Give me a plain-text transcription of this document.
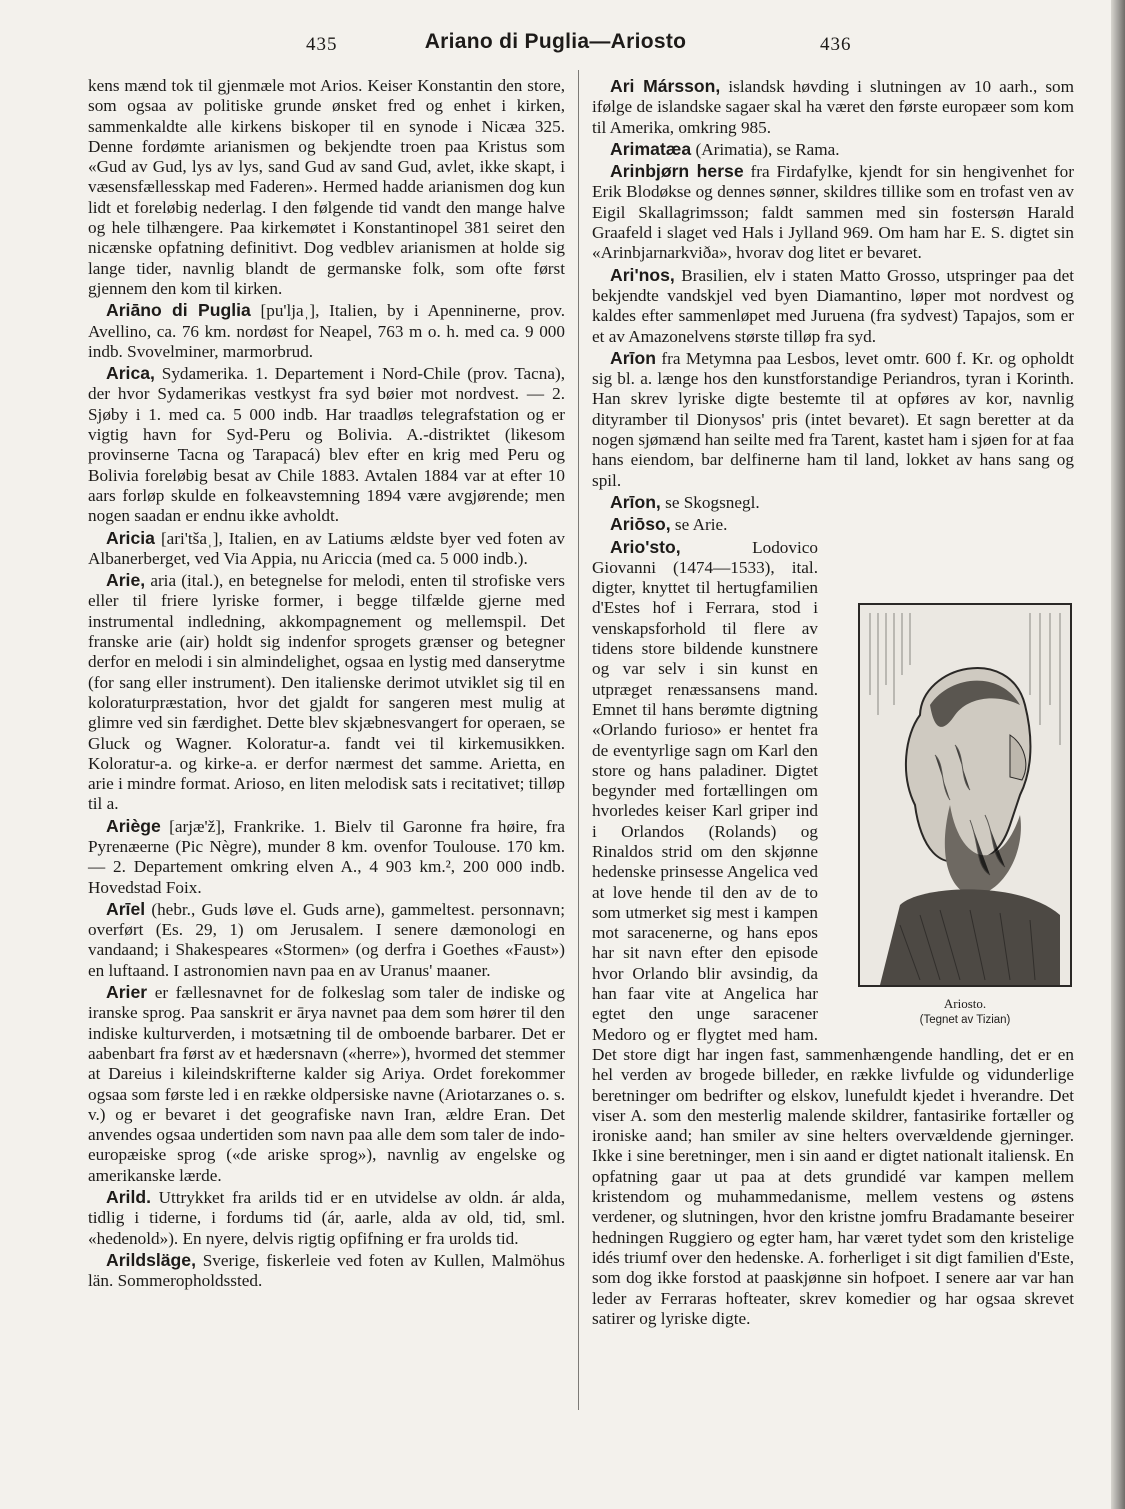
435	Ariano di Puglia—Ariosto	436

kens mænd tok til gjenmæle mot Arios. Keiser Konstantin den store, som ogsaa av politiske grunde ønsket fred og enhet i kirken, sammenkaldte alle kirkens biskoper til en synode i Nicæa 325. Denne fordømte arianismen og bekjendte troen paa Kristus som «Gud av Gud, lys av lys, sand Gud av sand Gud, avlet, ikke skapt, i væsensfællesskap med Faderen». Hermed hadde arianismen dog kun lidt et foreløbig nederlag. I den følgende tid vandt den mange halve og hele tilhængere. Paa kirkemøtet i Konstantinopel 381 seiret den nicænske opfatning definitivt. Dog vedblev arianismen at holde sig lange tider, navnlig blandt de germanske folk, som ofte først gjennem den kom til kirken.

Ariāno di Puglia [pu'ljaˌ], Italien, by i Apenninerne, prov. Avellino, ca. 76 km. nordøst for Neapel, 763 m o. h. med ca. 9 000 indb. Svovelminer, marmorbrud.

Arica, Sydamerika. 1. Departement i Nord-Chile (prov. Tacna), der hvor Sydamerikas vestkyst fra syd bøier mot nordvest. — 2. Sjøby i 1. med ca. 5 000 indb. Har traadløs telegrafstation og er vigtig havn for Syd-Peru og Bolivia. A.-distriktet (likesom provinserne Tacna og Tarapacá) blev efter en krig med Peru og Bolivia foreløbig besat av Chile 1883. Avtalen 1884 var at efter 10 aars forløp skulde en folkeavstemning 1894 være avgjørende; men nogen saadan er endnu ikke avholdt.

Aricia [ari'tšaˌ], Italien, en av Latiums ældste byer ved foten av Albanerberget, ved Via Appia, nu Ariccia (med ca. 5 000 indb.).

Arie, aria (ital.), en betegnelse for melodi, enten til strofiske vers eller til friere lyriske former, i begge tilfælde gjerne med instrumental indledning, akkompagnement og mellemspil. Det franske arie (air) holdt sig indenfor sprogets grænser og betegner derfor en melodi i sin almindelighet, ogsaa en lystig med danserytme (for sang eller instrument). Den italienske derimot utviklet sig til en koloraturpræstation, hvor det gjaldt for sangeren mest mulig at glimre ved sin færdighet. Dette blev skjæbnesvangert for operaen, se Gluck og Wagner. Koloratur-a. fandt vei til kirkemusikken. Koloratur-a. og kirke-a. er derfor nærmest det samme. Arietta, en arie i mindre format. Arioso, en liten melodisk sats i recitativet; tilløp til a.

Ariège [arjæ'ž], Frankrike. 1. Bielv til Garonne fra høire, fra Pyrenæerne (Pic Nègre), munder 8 km. ovenfor Toulouse. 170 km. — 2. Departement omkring elven A., 4 903 km.², 200 000 indb. Hovedstad Foix.

Arīel (hebr., Guds løve el. Guds arne), gammeltest. personnavn; overført (Es. 29, 1) om Jerusalem. I senere dæmonologi en vandaand; i Shakespeares «Stormen» (og derfra i Goethes «Faust») en luftaand. I astronomien navn paa en av Uranus' maaner.

Arier er fællesnavnet for de folkeslag som taler de indiske og iranske sprog. Paa sanskrit er ārya navnet paa dem som hører til den indiske kulturverden, i motsætning til de omboende barbarer. Det er aabenbart fra først av et hædersnavn («herre»), hvormed det stemmer at Dareius i kileindskrifterne kalder sig Ariya. Ordet forekommer ogsaa som første led i en række oldpersiske navne (Ariotarzanes o. s. v.) og er bevaret i det geografiske navn Iran, ældre Eran. Det anvendes ogsaa undertiden som navn paa alle dem som taler de indo-europæiske sprog («de ariske sprog»), navnlig av engelske og amerikanske lærde.

Arild. Uttrykket fra arilds tid er en utvidelse av oldn. ár alda, tidlig i tiderne, i fordums tid (ár, aarle, alda av old, tid, sml. «hedenold»). En nyere, delvis rigtig opfifning er fra urolds tid.

Arildsläge, Sverige, fiskerleie ved foten av Kullen, Malmöhus län. Sommeropholdssted.

Ari Mársson, islandsk høvding i slutningen av 10 aarh., som ifølge de islandske sagaer skal ha været den første europæer som kom til Amerika, omkring 985.

Arimatæa (Arimatia), se Rama.

Arinbjørn herse fra Firdafylke, kjendt for sin hengivenhet for Erik Blodøkse og dennes sønner, skildres tillike som en trofast ven av Eigil Skallagrimsson; faldt sammen med sin fostersøn Harald Graafeld i slaget ved Hals i Jylland 969. Om ham har E. S. digtet sin «Arinbjarnarkviða», hvorav dog litet er bevaret.

Ari'nos, Brasilien, elv i staten Matto Grosso, utspringer paa det bekjendte vandskjel ved byen Diamantino, løper mot nordvest og kaldes efter sammenløpet med Juruena (fra sydvest) Tapajos, som er et av Amazonelvens største tilløp fra syd.

Arīon fra Metymna paa Lesbos, levet omtr. 600 f. Kr. og opholdt sig bl. a. længe hos den kunstforstandige Periandros, tyran i Korinth. Han skrev lyriske digte bestemte til at opføres av kor, navnlig dityramber til Dionysos' pris (intet bevaret). Et sagn beretter at da nogen sjømænd han seilte med fra Tarent, kastet ham i sjøen for at faa hans eiendom, bar delfinerne ham til land, lokket av hans sang og spil.

Arīon, se Skogsnegl.

Ariōso, se Arie.

Ariosto.
(Tegnet av Tizian)
Ario'sto, Lodovico Giovanni (1474—1533), ital. digter, knyttet til hertugfamilien d'Estes hof i Ferrara, stod i venskapsforhold til flere av tidens store bildende kunstnere og var selv i sin kunst en utpræget renæssansens mand. Emnet til hans berømte digtning «Orlando furioso» er hentet fra de eventyrlige sagn om Karl den store og hans paladiner. Digtet begynder med fortællingen om hvorledes keiser Karl griper ind i Orlandos (Rolands) og Rinaldos strid om den skjønne hedenske prinsesse Angelica ved at love hende til den av de to som utmerket sig mest i kampen mot saracenerne, og hans epos har sit navn efter den episode hvor Orlando blir avsindig, da han faar vite at Angelica har egtet den unge saracener Medoro og er flygtet med ham. Det store digt har ingen fast, sammenhængende handling, det er en hel verden av brogede billeder, en række livfulde og vidunderlige beretninger om bedrifter og elskov, lunefuldt kjedet i hverandre. Det viser A. som den mesterlig malende skildrer, fantasirike fortæller og ironiske aand; han smiler av sine helters overvældende gjerninger. Ikke i sine beretninger, men i sin aand er digtet nationalt italiensk. En opfatning gaar ut paa at dets grundidé var kampen mellem kristendom og muhammedanisme, mellem vestens og østens verdener, og slutningen, hvor den kristne jomfru Bradamante beseirer hedningen Ruggiero og egter ham, har været tydet som den kristelige idés triumf over den hedenske. A. forherliget i sit digt familien d'Este, som dog ikke forstod at paaskjønne sin hofpoet. I senere aar var han leder av Ferraras hofteater, skrev komedier og har ogsaa skrevet satirer og lyriske digte.
